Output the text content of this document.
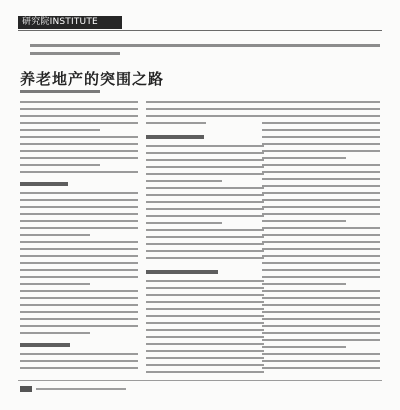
研究院INSTITUTE
养老地产的突围之路
